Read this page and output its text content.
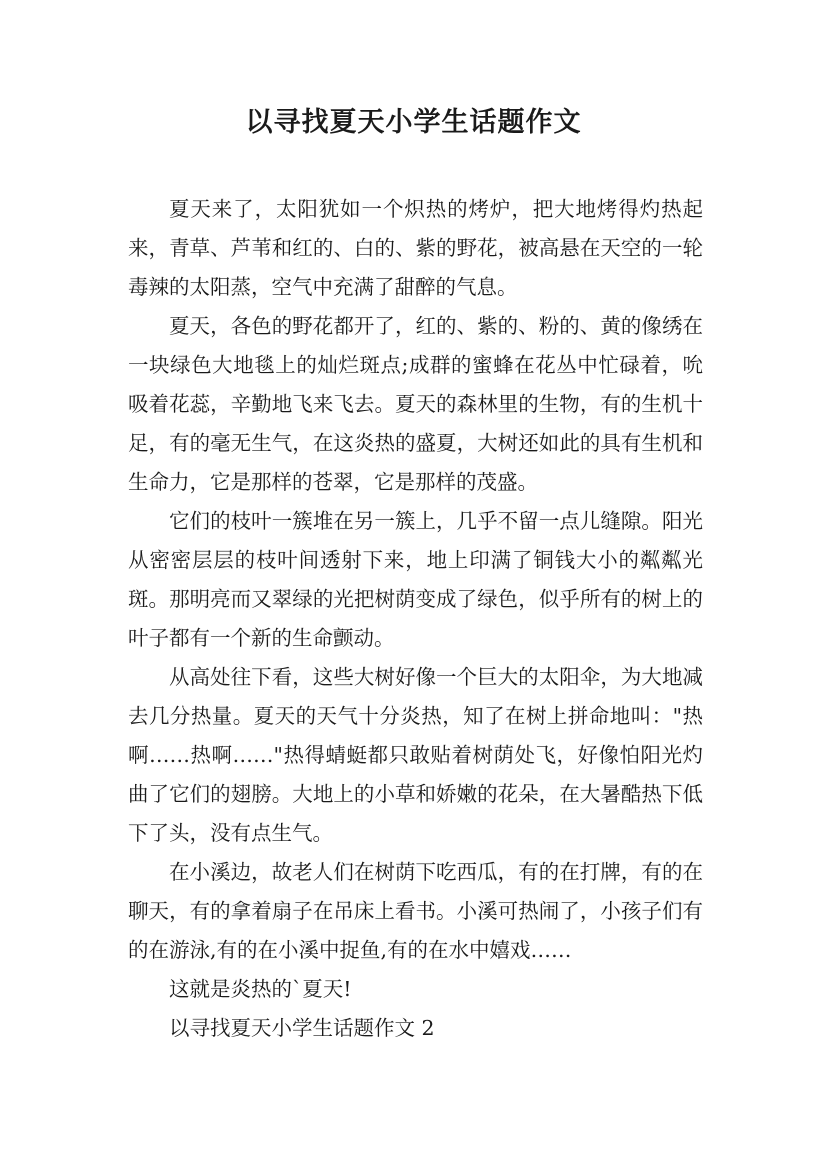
以寻找夏天小学生话题作文

夏天来了，太阳犹如一个炽热的烤炉，把大地烤得灼热起来，青草、芦苇和红的、白的、紫的野花，被高悬在天空的一轮毒辣的太阳蒸，空气中充满了甜醉的气息。

夏天，各色的野花都开了，红的、紫的、粉的、黄的像绣在一块绿色大地毯上的灿烂斑点;成群的蜜蜂在花丛中忙碌着，吮吸着花蕊，辛勤地飞来飞去。夏天的森林里的生物，有的生机十足，有的毫无生气，在这炎热的盛夏，大树还如此的具有生机和生命力，它是那样的苍翠，它是那样的茂盛。

它们的枝叶一簇堆在另一簇上，几乎不留一点儿缝隙。阳光从密密层层的枝叶间透射下来，地上印满了铜钱大小的粼粼光斑。那明亮而又翠绿的光把树荫变成了绿色，似乎所有的树上的叶子都有一个新的生命颤动。

从高处往下看，这些大树好像一个巨大的太阳伞，为大地减去几分热量。夏天的天气十分炎热，知了在树上拼命地叫："热啊……热啊……"热得蜻蜓都只敢贴着树荫处飞，好像怕阳光灼曲了它们的翅膀。大地上的小草和娇嫩的花朵，在大暑酷热下低下了头，没有点生气。

在小溪边，故老人们在树荫下吃西瓜，有的在打牌，有的在聊天，有的拿着扇子在吊床上看书。小溪可热闹了，小孩子们有的在游泳,有的在小溪中捉鱼,有的在水中嬉戏……

这就是炎热的`夏天!

以寻找夏天小学生话题作文 2
